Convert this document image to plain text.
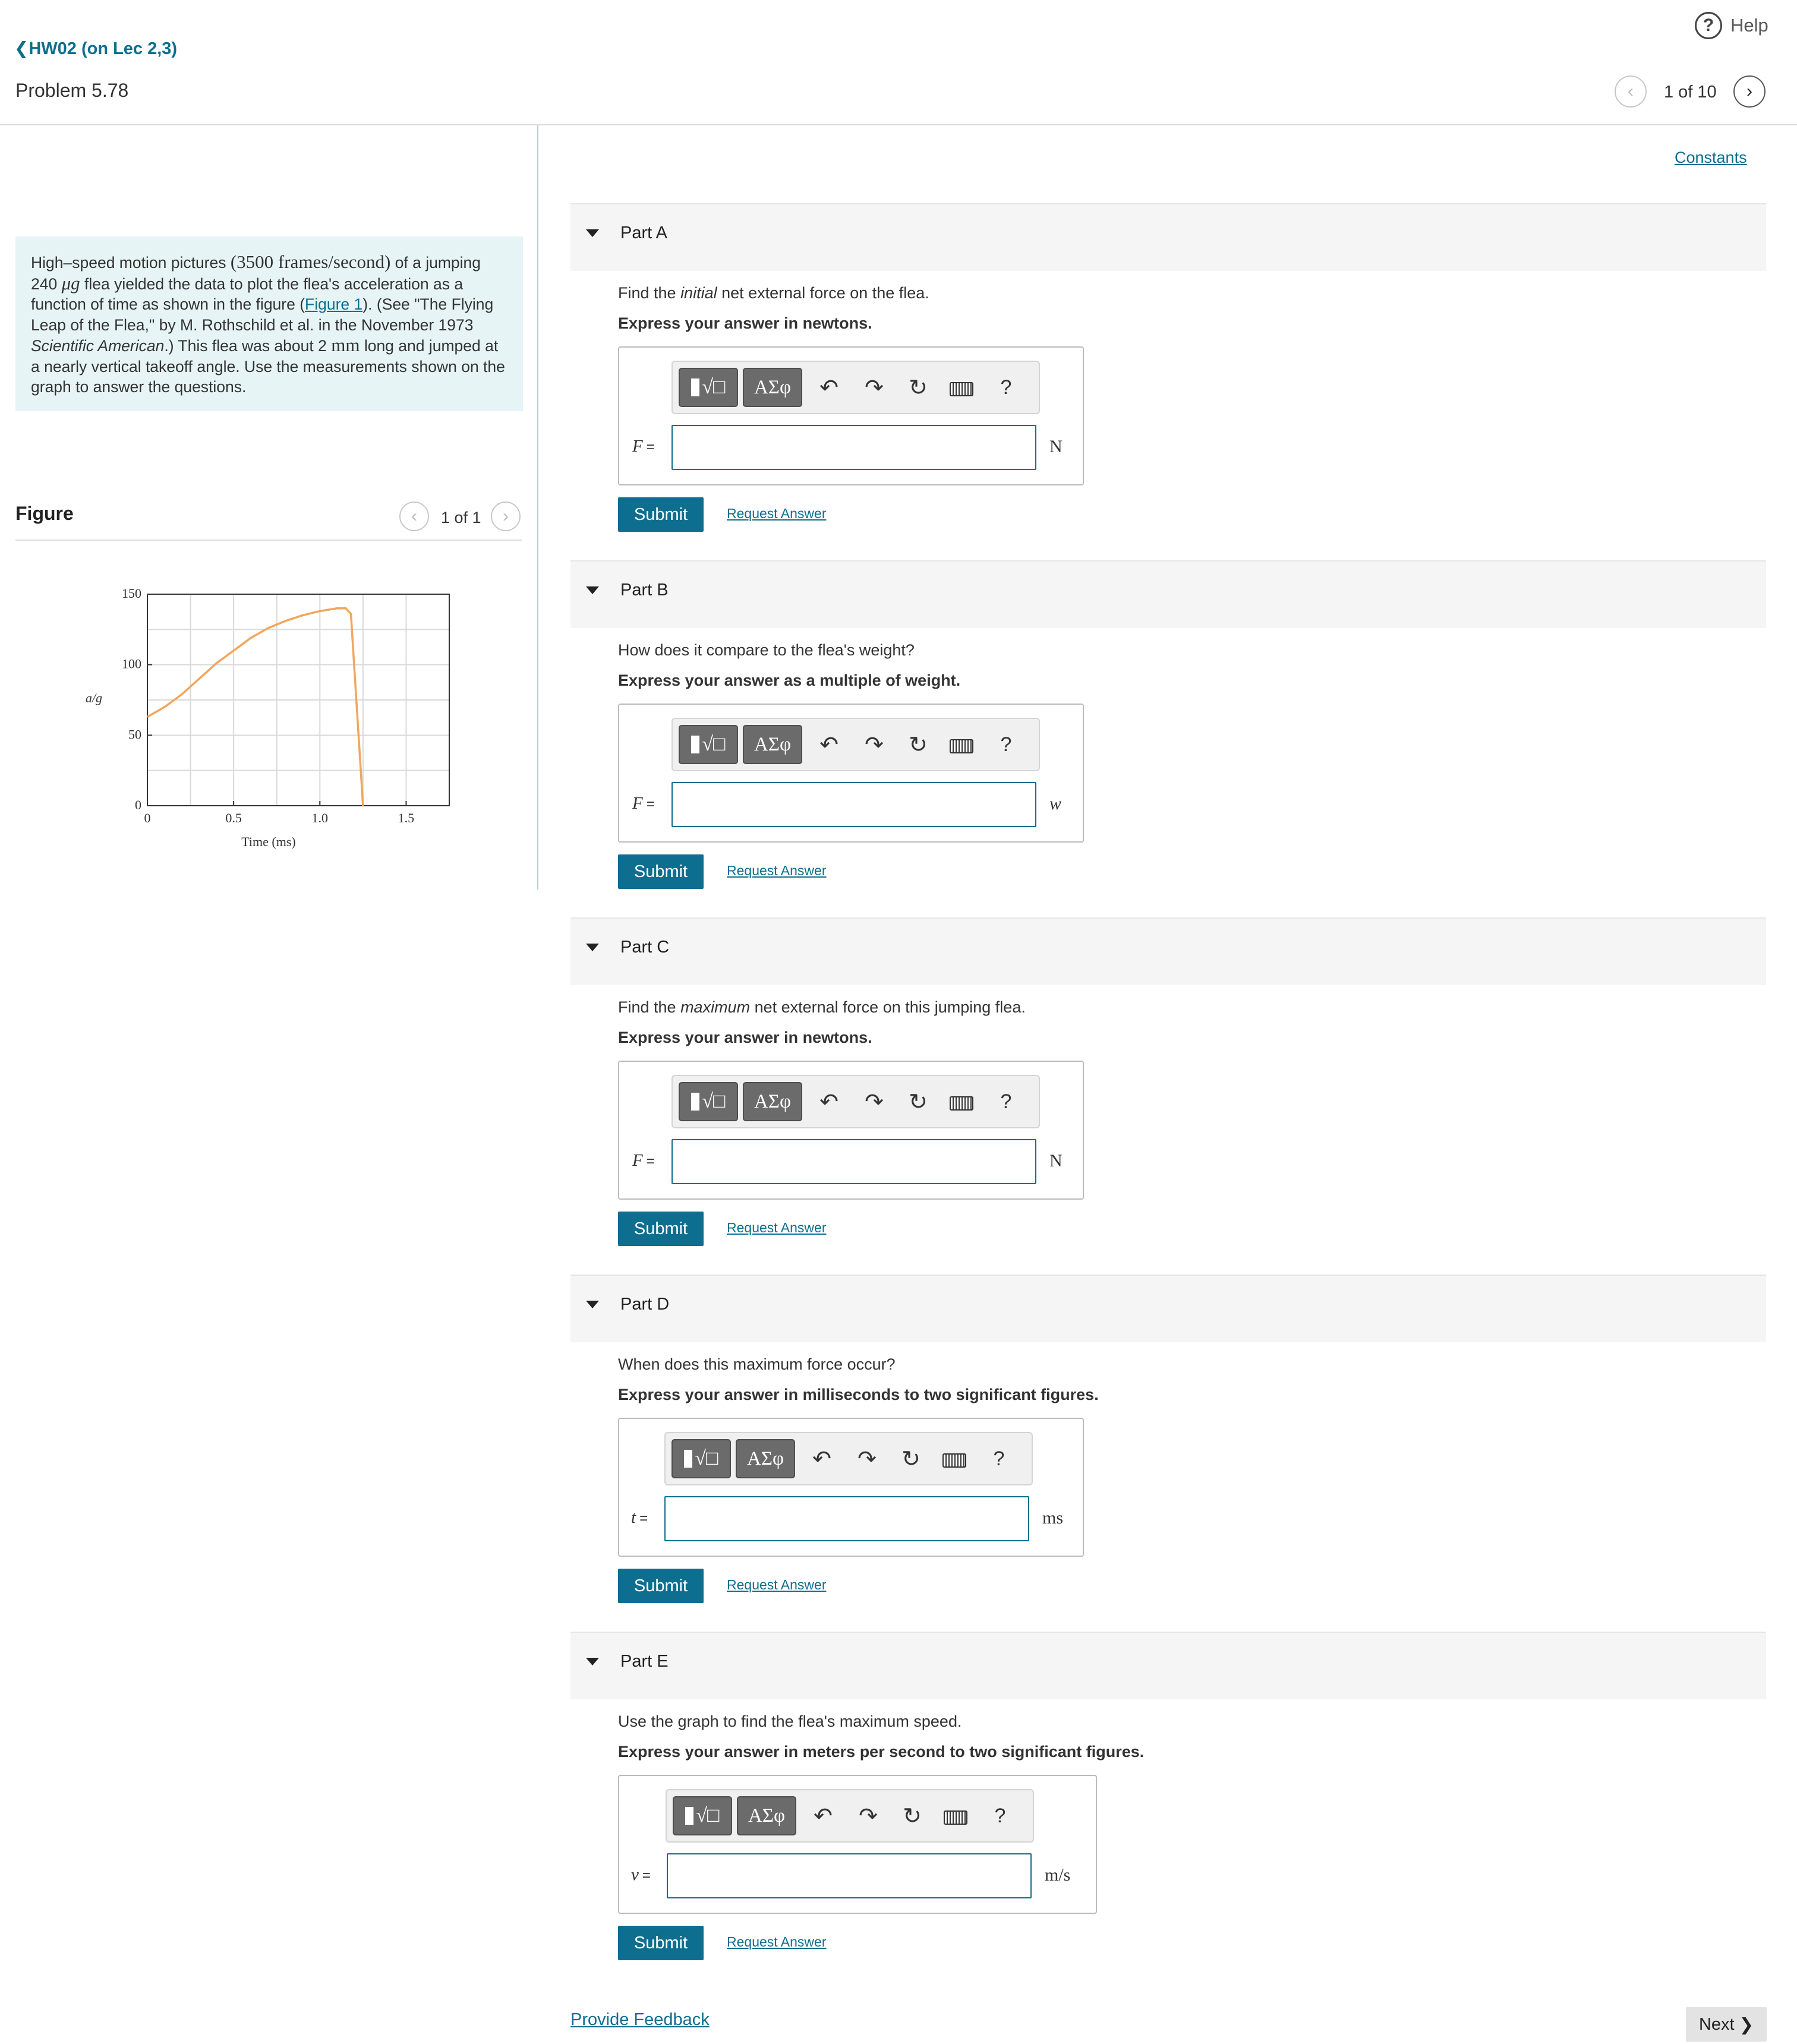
? Help
❮HW02 (on Lec 2,3)
Problem 5.78	‹ 1 of 10 ›
High–speed motion pictures (3500 frames/second) of a jumping 240 μg flea yielded the data to plot the flea's acceleration as a function of time as shown in the figure (Figure 1). (See "The Flying Leap of the Flea," by M. Rothschild et al. in the November 1973 Scientific American.) This flea was about 2 mm long and jumped at a nearly vertical takeoff angle. Use the measurements shown on the graph to answer the questions.
Figure	‹ 1 of 1 ›
0	0.5	1.0	1.5
0
50
100
150
Time (ms)
a/g
Constants
Part A
Find the initial net external force on the flea.
Express your answer in newtons.
√□	ΑΣφ	↶ ↷ ↻	?
F =	N
Submit	Request Answer
Part B
How does it compare to the flea's weight?
Express your answer as a multiple of weight.
√□	ΑΣφ	↶ ↷ ↻	?
F =	w
Submit	Request Answer
Part C
Find the maximum net external force on this jumping flea.
Express your answer in newtons.
√□	ΑΣφ	↶ ↷ ↻	?
F =	N
Submit	Request Answer
Part D
When does this maximum force occur?
Express your answer in milliseconds to two significant figures.
√□	ΑΣφ	↶ ↷ ↻	?
t =	ms
Submit	Request Answer
Part E
Use the graph to find the flea's maximum speed.
Express your answer in meters per second to two significant figures.
√□	ΑΣφ	↶ ↷ ↻	?
v =	m/s
Submit	Request Answer
Provide Feedback	Next
❯
